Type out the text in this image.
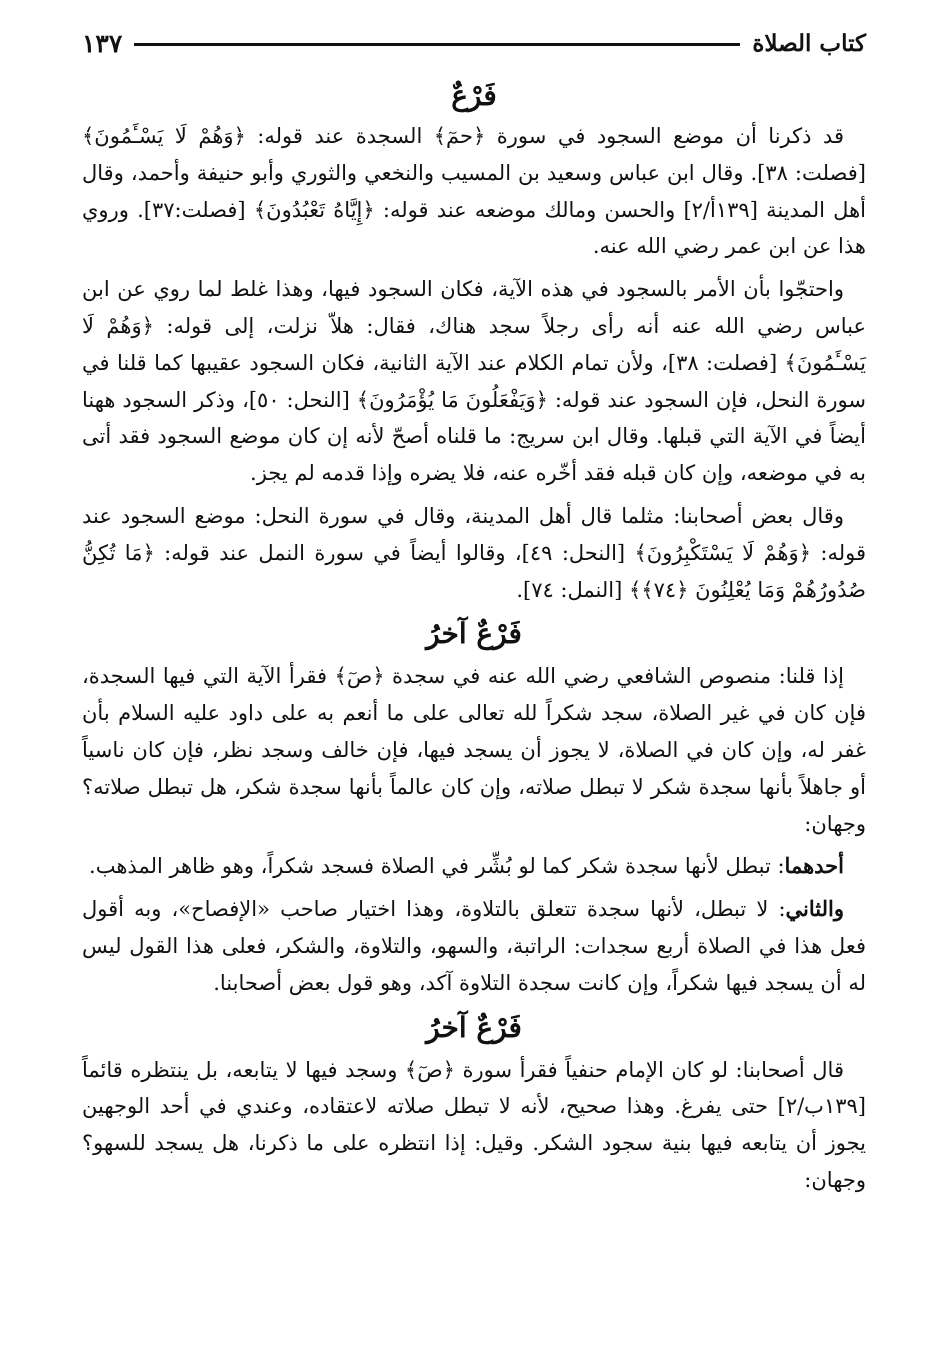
كتاب الصلاة
١٣٧
فَرْعٌ

قد ذكرنا أن موضع السجود في سورة ﴿حمٓ﴾ السجدة عند قوله: ﴿وَهُمْ لَا يَسْـَٔمُونَ﴾ [فصلت: ٣٨]. وقال ابن عباس وسعيد بن المسيب والنخعي والثوري وأبو حنيفة وأحمد، وقال أهل المدينة [١٣٩أ/٢] والحسن ومالك موضعه عند قوله: ﴿إِيَّاهُ تَعْبُدُونَ﴾ [فصلت:٣٧]. وروي هذا عن ابن عمر رضي الله عنه.

واحتجّوا بأن الأمر بالسجود في هذه الآية، فكان السجود فيها، وهذا غلط لما روي عن ابن عباس رضي الله عنه أنه رأى رجلاً سجد هناك، فقال: هلاّ نزلت، إلى قوله: ﴿وَهُمْ لَا يَسْـَٔمُونَ﴾ [فصلت: ٣٨]، ولأن تمام الكلام عند الآية الثانية، فكان السجود عقيبها كما قلنا في سورة النحل، فإن السجود عند قوله: ﴿وَيَفْعَلُونَ مَا يُؤْمَرُونَ﴾ [النحل: ٥٠]، وذكر السجود ههنا أيضاً في الآية التي قبلها. وقال ابن سريج: ما قلناه أصحّ لأنه إن كان موضع السجود فقد أتى به في موضعه، وإن كان قبله فقد أخّره عنه، فلا يضره وإذا قدمه لم يجز.

وقال بعض أصحابنا: مثلما قال أهل المدينة، وقال في سورة النحل: موضع السجود عند قوله: ﴿وَهُمْ لَا يَسْتَكْبِرُونَ﴾ [النحل: ٤٩]، وقالوا أيضاً في سورة النمل عند قوله: ﴿مَا تُكِنُّ صُدُورُهُمْ وَمَا يُعْلِنُونَ ﴿٧٤﴾﴾ [النمل: ٧٤].

فَرْعٌ آخرُ

إذا قلنا: منصوص الشافعي رضي الله عنه في سجدة ﴿صٓ﴾ فقرأ الآية التي فيها السجدة، فإن كان في غير الصلاة، سجد شكراً لله تعالى على ما أنعم به على داود عليه السلام بأن غفر له، وإن كان في الصلاة، لا يجوز أن يسجد فيها، فإن خالف وسجد نظر، فإن كان ناسياً أو جاهلاً بأنها سجدة شكر لا تبطل صلاته، وإن كان عالماً بأنها سجدة شكر، هل تبطل صلاته؟ وجهان:

أحدهما: تبطل لأنها سجدة شكر كما لو بُشِّر في الصلاة فسجد شكراً، وهو ظاهر المذهب.

والثاني: لا تبطل، لأنها سجدة تتعلق بالتلاوة، وهذا اختيار صاحب «الإفصاح»، وبه أقول فعل هذا في الصلاة أربع سجدات: الراتبة، والسهو، والتلاوة، والشكر، فعلى هذا القول ليس له أن يسجد فيها شكراً، وإن كانت سجدة التلاوة آكد، وهو قول بعض أصحابنا.

فَرْعٌ آخرُ

قال أصحابنا: لو كان الإمام حنفياً فقرأ سورة ﴿صٓ﴾ وسجد فيها لا يتابعه، بل ينتظره قائماً [١٣٩ب/٢] حتى يفرغ. وهذا صحيح، لأنه لا تبطل صلاته لاعتقاده، وعندي في أحد الوجهين يجوز أن يتابعه فيها بنية سجود الشكر. وقيل: إذا انتظره على ما ذكرنا، هل يسجد للسهو؟ وجهان:
